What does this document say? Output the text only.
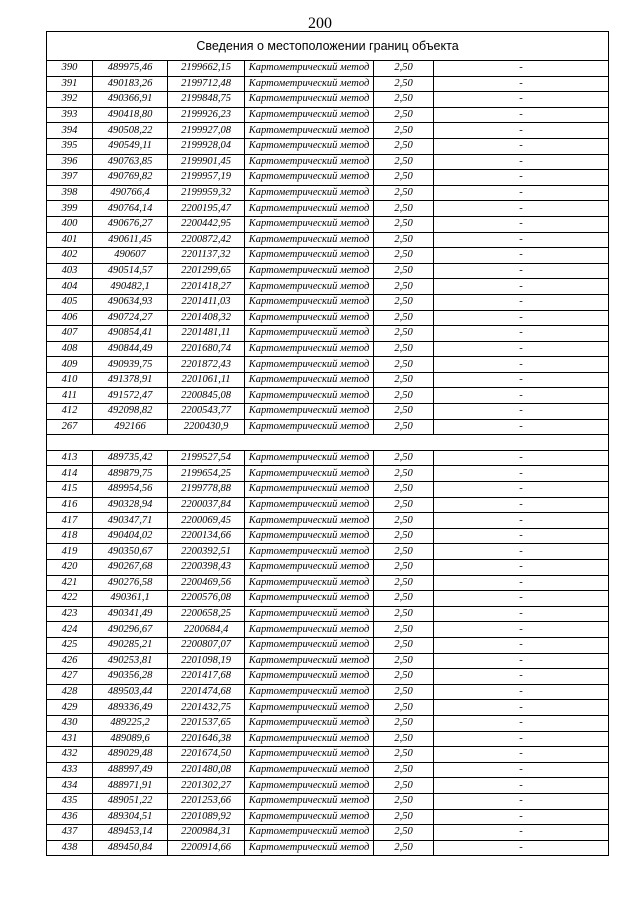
200
Сведения о местоположении границ объекта					
390	489975,46	2199662,15	Картометрический метод	2,50	-
391	490183,26	2199712,48	Картометрический метод	2,50	-
392	490366,91	2199848,75	Картометрический метод	2,50	-
393	490418,80	2199926,23	Картометрический метод	2,50	-
394	490508,22	2199927,08	Картометрический метод	2,50	-
395	490549,11	2199928,04	Картометрический метод	2,50	-
396	490763,85	2199901,45	Картометрический метод	2,50	-
397	490769,82	2199957,19	Картометрический метод	2,50	-
398	490766,4	2199959,32	Картометрический метод	2,50	-
399	490764,14	2200195,47	Картометрический метод	2,50	-
400	490676,27	2200442,95	Картометрический метод	2,50	-
401	490611,45	2200872,42	Картометрический метод	2,50	-
402	490607	2201137,32	Картометрический метод	2,50	-
403	490514,57	2201299,65	Картометрический метод	2,50	-
404	490482,1	2201418,27	Картометрический метод	2,50	-
405	490634,93	2201411,03	Картометрический метод	2,50	-
406	490724,27	2201408,32	Картометрический метод	2,50	-
407	490854,41	2201481,11	Картометрический метод	2,50	-
408	490844,49	2201680,74	Картометрический метод	2,50	-
409	490939,75	2201872,43	Картометрический метод	2,50	-
410	491378,91	2201061,11	Картометрический метод	2,50	-
411	491572,47	2200845,08	Картометрический метод	2,50	-
412	492098,82	2200543,77	Картометрический метод	2,50	-
267	492166	2200430,9	Картометрический метод	2,50	-

413	489735,42	2199527,54	Картометрический метод	2,50	-
414	489879,75	2199654,25	Картометрический метод	2,50	-
415	489954,56	2199778,88	Картометрический метод	2,50	-
416	490328,94	2200037,84	Картометрический метод	2,50	-
417	490347,71	2200069,45	Картометрический метод	2,50	-
418	490404,02	2200134,66	Картометрический метод	2,50	-
419	490350,67	2200392,51	Картометрический метод	2,50	-
420	490267,68	2200398,43	Картометрический метод	2,50	-
421	490276,58	2200469,56	Картометрический метод	2,50	-
422	490361,1	2200576,08	Картометрический метод	2,50	-
423	490341,49	2200658,25	Картометрический метод	2,50	-
424	490296,67	2200684,4	Картометрический метод	2,50	-
425	490285,21	2200807,07	Картометрический метод	2,50	-
426	490253,81	2201098,19	Картометрический метод	2,50	-
427	490356,28	2201417,68	Картометрический метод	2,50	-
428	489503,44	2201474,68	Картометрический метод	2,50	-
429	489336,49	2201432,75	Картометрический метод	2,50	-
430	489225,2	2201537,65	Картометрический метод	2,50	-
431	489089,6	2201646,38	Картометрический метод	2,50	-
432	489029,48	2201674,50	Картометрический метод	2,50	-
433	488997,49	2201480,08	Картометрический метод	2,50	-
434	488971,91	2201302,27	Картометрический метод	2,50	-
435	489051,22	2201253,66	Картометрический метод	2,50	-
436	489304,51	2201089,92	Картометрический метод	2,50	-
437	489453,14	2200984,31	Картометрический метод	2,50	-
438	489450,84	2200914,66	Картометрический метод	2,50	-
